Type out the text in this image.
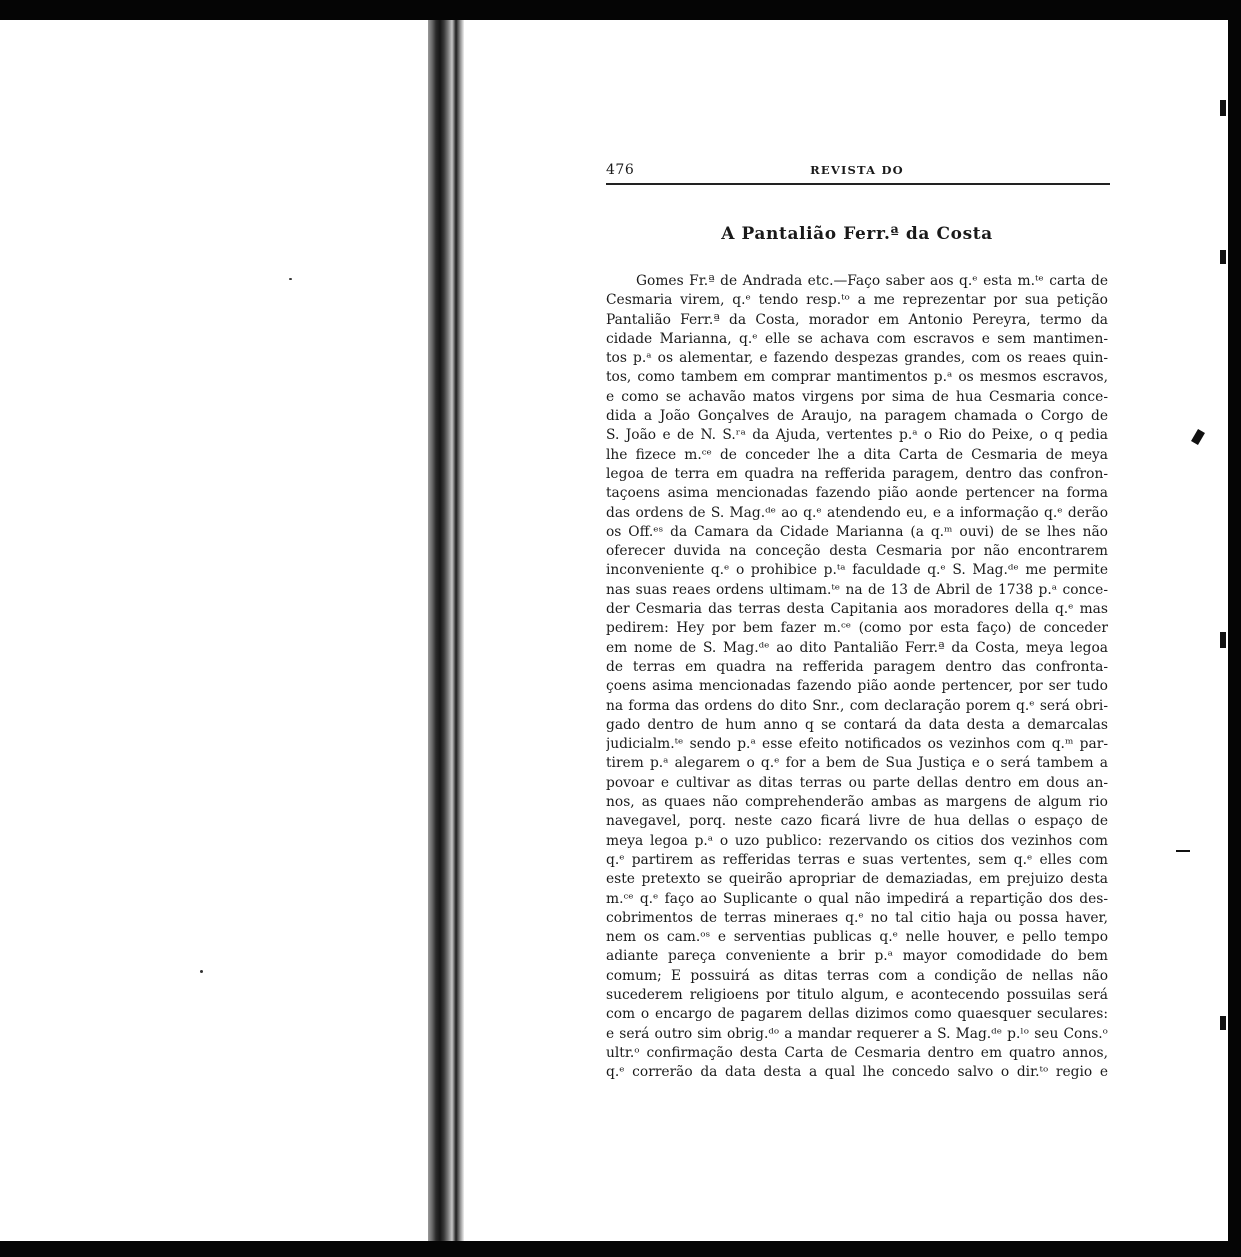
476	REVISTA DO
A Pantalião Ferr.ª da Costa
Gomes Fr.ª de Andrada etc.—Faço saber aos q.ᵉ esta m.ᵗᵉ carta de
Cesmaria virem, q.ᵉ tendo resp.ᵗᵒ a me reprezentar por sua petição
Pantalião Ferr.ª da Costa, morador em Antonio Pereyra, termo da
cidade Marianna, q.ᵉ elle se achava com escravos e sem mantimen-
tos p.ᵃ os alementar, e fazendo despezas grandes, com os reaes quin-
tos, como tambem em comprar mantimentos p.ᵃ os mesmos escravos,
e como se achavão matos virgens por sima de hua Cesmaria conce-
dida a João Gonçalves de Araujo, na paragem chamada o Corgo de
S. João e de N. S.ʳᵃ da Ajuda, vertentes p.ᵃ o Rio do Peixe, o q pedia
lhe fizece m.ᶜᵉ de conceder lhe a dita Carta de Cesmaria de meya
legoa de terra em quadra na refferida paragem, dentro das confron-
taçoens asima mencionadas fazendo pião aonde pertencer na forma
das ordens de S. Mag.ᵈᵉ ao q.ᵉ atendendo eu, e a informação q.ᵉ derão
os Off.ᵉˢ da Camara da Cidade Marianna (a q.ᵐ ouvi) de se lhes não
oferecer duvida na conceção desta Cesmaria por não encontrarem
inconveniente q.ᵉ o prohibice p.ᵗᵃ faculdade q.ᵉ S. Mag.ᵈᵉ me permite
nas suas reaes ordens ultimam.ᵗᵉ na de 13 de Abril de 1738 p.ᵃ conce-
der Cesmaria das terras desta Capitania aos moradores della q.ᵉ mas
pedirem: Hey por bem fazer m.ᶜᵉ (como por esta faço) de conceder
em nome de S. Mag.ᵈᵉ ao dito Pantalião Ferr.ª da Costa, meya legoa
de terras em quadra na refferida paragem dentro das confronta-
çoens asima mencionadas fazendo pião aonde pertencer, por ser tudo
na forma das ordens do dito Snr., com declaração porem q.ᵉ será obri-
gado dentro de hum anno q se contará da data desta a demarcalas
judicialm.ᵗᵉ sendo p.ᵃ esse efeito notificados os vezinhos com q.ᵐ par-
tirem p.ᵃ alegarem o q.ᵉ for a bem de Sua Justiça e o será tambem a
povoar e cultivar as ditas terras ou parte dellas dentro em dous an-
nos, as quaes não comprehenderão ambas as margens de algum rio
navegavel, porq. neste cazo ficará livre de hua dellas o espaço de
meya legoa p.ᵃ o uzo publico: rezervando os citios dos vezinhos com
q.ᵉ partirem as refferidas terras e suas vertentes, sem q.ᵉ elles com
este pretexto se queirão apropriar de demaziadas, em prejuizo desta
m.ᶜᵉ q.ᵉ faço ao Suplicante o qual não impedirá a repartição dos des-
cobrimentos de terras mineraes q.ᵉ no tal citio haja ou possa haver,
nem os cam.ᵒˢ e serventias publicas q.ᵉ nelle houver, e pello tempo
adiante pareça conveniente a brir p.ᵃ mayor comodidade do bem
comum; E possuirá as ditas terras com a condição de nellas não
sucederem religioens por titulo algum, e acontecendo possuilas será
com o encargo de pagarem dellas dizimos como quaesquer seculares:
e será outro sim obrig.ᵈᵒ a mandar requerer a S. Mag.ᵈᵉ p.ˡᵒ seu Cons.ᵒ
ultr.ᵒ confirmação desta Carta de Cesmaria dentro em quatro annos,
q.ᵉ correrão da data desta a qual lhe concedo salvo o dir.ᵗᵒ regio e
